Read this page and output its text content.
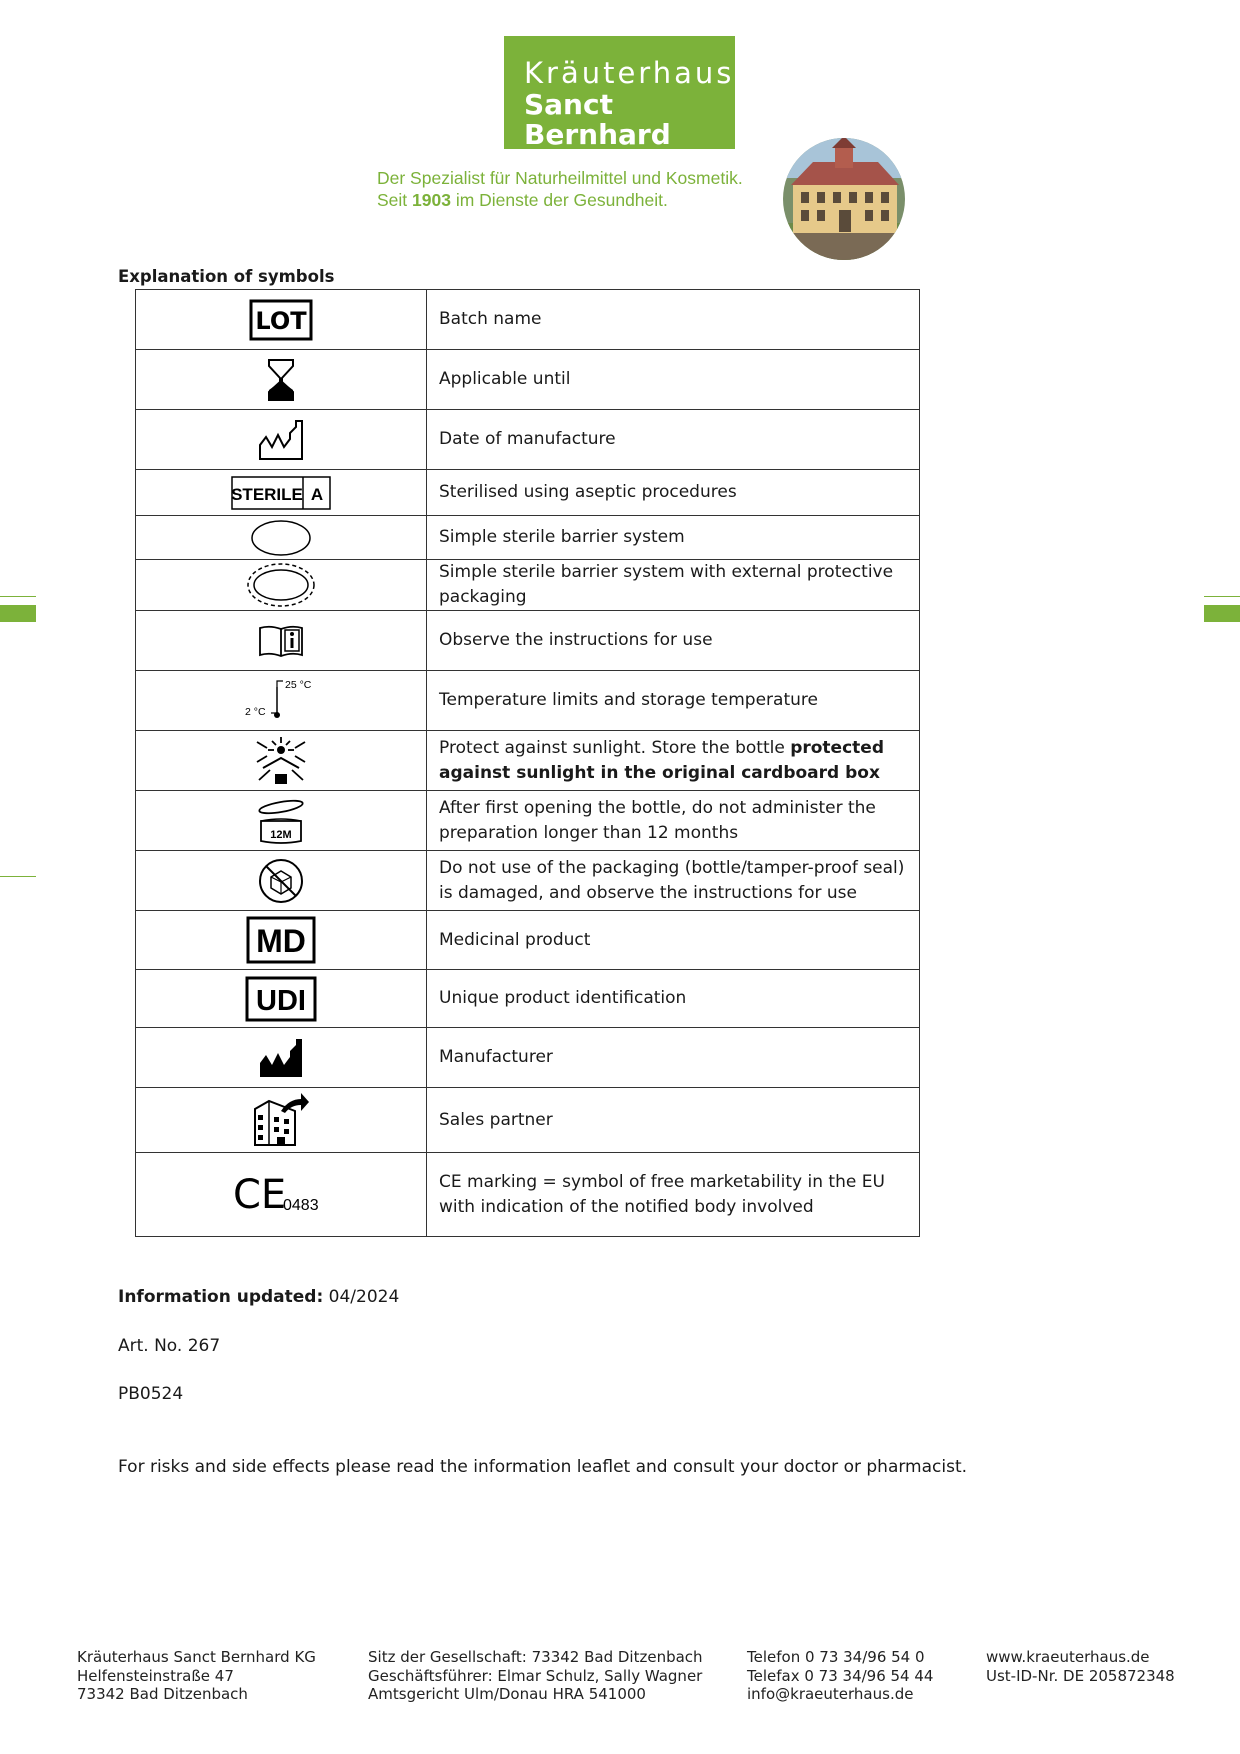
Kräuterhaus
Sanct Bernhard
Der Spezialist für Naturheilmittel und Kosmetik.
Seit 1903 im Dienste der Gesundheit.
Explanation of symbols
LOT	Batch name

	Applicable until

	Date of manufacture

STERILE A	Sterilised using aseptic procedures

	Simple sterile barrier system

	Simple sterile barrier system with external protective packaging

	Observe the instructions for use

25 °C
2 °C	Temperature limits and storage temperature

	Protect against sunlight. Store the bottle protected against sunlight in the original cardboard box

12M	After first opening the bottle, do not administer the preparation longer than 12 months

	Do not use of the packaging (bottle/tamper-proof seal) is damaged, and observe the instructions for use

MD	Medicinal product

UDI	Unique product identification

	Manufacturer

	Sales partner

CE
0483	CE marking = symbol of free marketability in the EU with indication of the notified body involved
Information updated: 04/2024
Art. No. 267
PB0524
For risks and side effects please read the information leaflet and consult your doctor or pharmacist.
Kräuterhaus Sanct Bernhard KG
Helfensteinstraße 47
73342 Bad Ditzenbach
Sitz der Gesellschaft: 73342 Bad Ditzenbach
Geschäftsführer: Elmar Schulz, Sally Wagner
Amtsgericht Ulm/Donau HRA 541000
Telefon 0 73 34/96 54 0
Telefax 0 73 34/96 54 44
info@kraeuterhaus.de
www.kraeuterhaus.de
Ust-ID-Nr. DE 205872348
